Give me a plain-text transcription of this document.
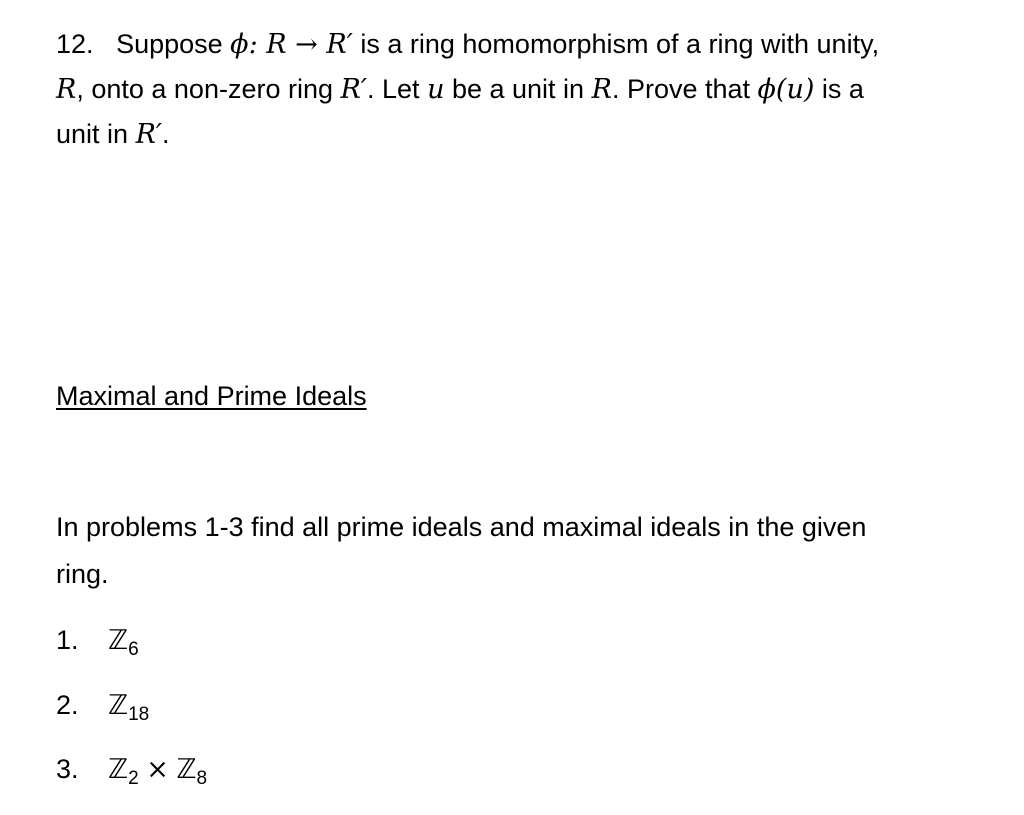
12. Suppose ϕ: R → R′ is a ring homomorphism of a ring with unity,
R, onto a non-zero ring R′. Let u be a unit in R. Prove that ϕ(u) is a
unit in R′.
Maximal and Prime Ideals
In problems 1-3 find all prime ideals and maximal ideals in the given
ring.
1. ℤ$_6$
2. ℤ$_{18}$
3. ℤ$_2$ × ℤ$_8$
